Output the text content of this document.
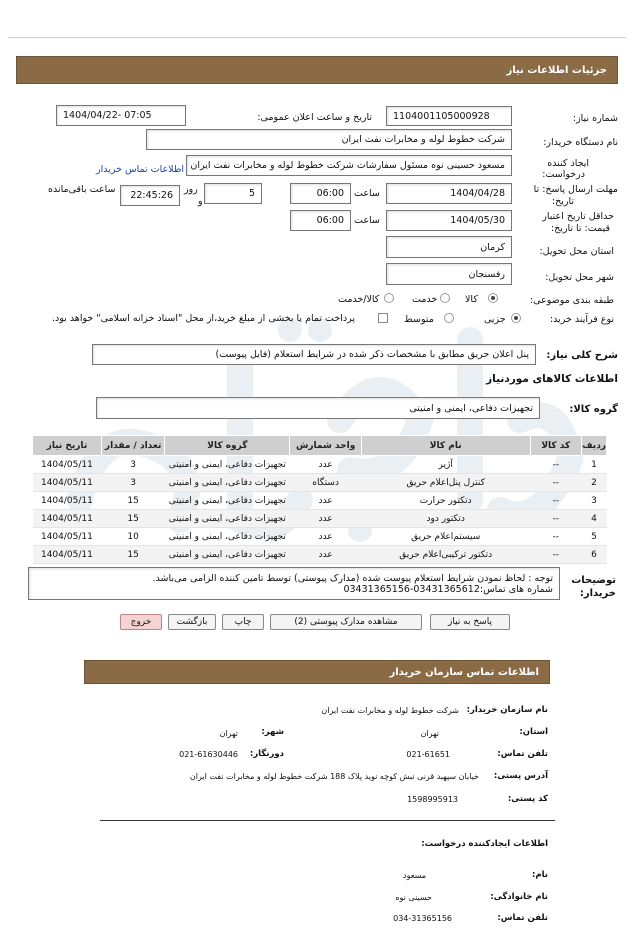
جزئیات اطلاعات نیاز
شماره نیاز:
1104001105000928
تاریخ و ساعت اعلان عمومی:
1404/04/22- 07:05
نام دستگاه خریدار:
شرکت خطوط لوله و مخابرات نفت ایران
ایجاد کننده
درخواست:
مسعود حسینی نوه مسئول سفارشات شرکت خطوط لوله و مخابرات نفت ایران
اطلاعات تماس خریدار
مهلت ارسال پاسخ: تا
تاریخ:
1404/04/28
ساعت
06:00
5
روز
و
22:45:26
ساعت باقی‌مانده
حداقل تاریخ اعتبار
قیمت: تا تاریخ:
1404/05/30
ساعت
06:00
استان محل تحویل:
کرمان
شهر محل تحویل:
رفسنجان
طبقه بندی موضوعی:
کالا
خدمت
کالا/خدمت
نوع فرآیند خرید:
جزیی
متوسط
پرداخت تمام یا بخشی از مبلغ خرید،از محل "اسناد خزانه اسلامی" خواهد بود.
شرح کلی نیاز:
پنل اعلان حریق مطابق با مشخصات ذکر شده در شرایط استعلام (فایل پیوست)
اطلاعات کالاهای موردنیاز
گروه کالا:
تجهیزات دفاعی، ایمنی و امنیتی
ردیف	کد کالا	نام کالا	واحد شمارش	گروه کالا	تعداد / مقدار	تاریخ نیاز
1	--	آژیر	عدد	تجهیزات دفاعی، ایمنی و امنیتی	3	1404/05/11
2	--	کنترل پنل‌اعلام حریق	دستگاه	تجهیزات دفاعی، ایمنی و امنیتی	3	1404/05/11
3	--	دتکتور حرارت	عدد	تجهیزات دفاعی، ایمنی و امنیتی	15	1404/05/11
4	--	دتکتور دود	عدد	تجهیزات دفاعی، ایمنی و امنیتی	15	1404/05/11
5	--	سیستم‌اعلام حریق	عدد	تجهیزات دفاعی، ایمنی و امنیتی	10	1404/05/11
6	--	دتکتور ترکیبی‌اعلام حریق	عدد	تجهیزات دفاعی، ایمنی و امنیتی	15	1404/05/11
توضیحات
خریدار:
توجه : لحاظ نمودن شرایط استعلام پیوست شده (مدارک پیوستی) توسط تامین کننده الزامی می‌باشد.
شماره های تماس:03431365612-03431365156
پاسخ به نیاز
مشاهده مدارک پیوستی (2)
چاپ
بازگشت
خروج
اطلاعات تماس سازمان خریدار
نام سازمان خریدار:
شرکت خطوط لوله و مخابرات نفت ایران
استان:
تهران
شهر:
تهران
تلفن تماس:
021-61651
دورنگار:
021-61630446
آدرس پستی:
خیابان سپهبد قرنی نبش کوچه نوید پلاک 188 شرکت خطوط لوله و مخابرات نفت ایران
کد پستی:
1598995913
اطلاعات ایجادکننده درخواست:
نام:
مسعود
نام خانوادگی:
حسینی نوه
تلفن تماس:
034-31365156
